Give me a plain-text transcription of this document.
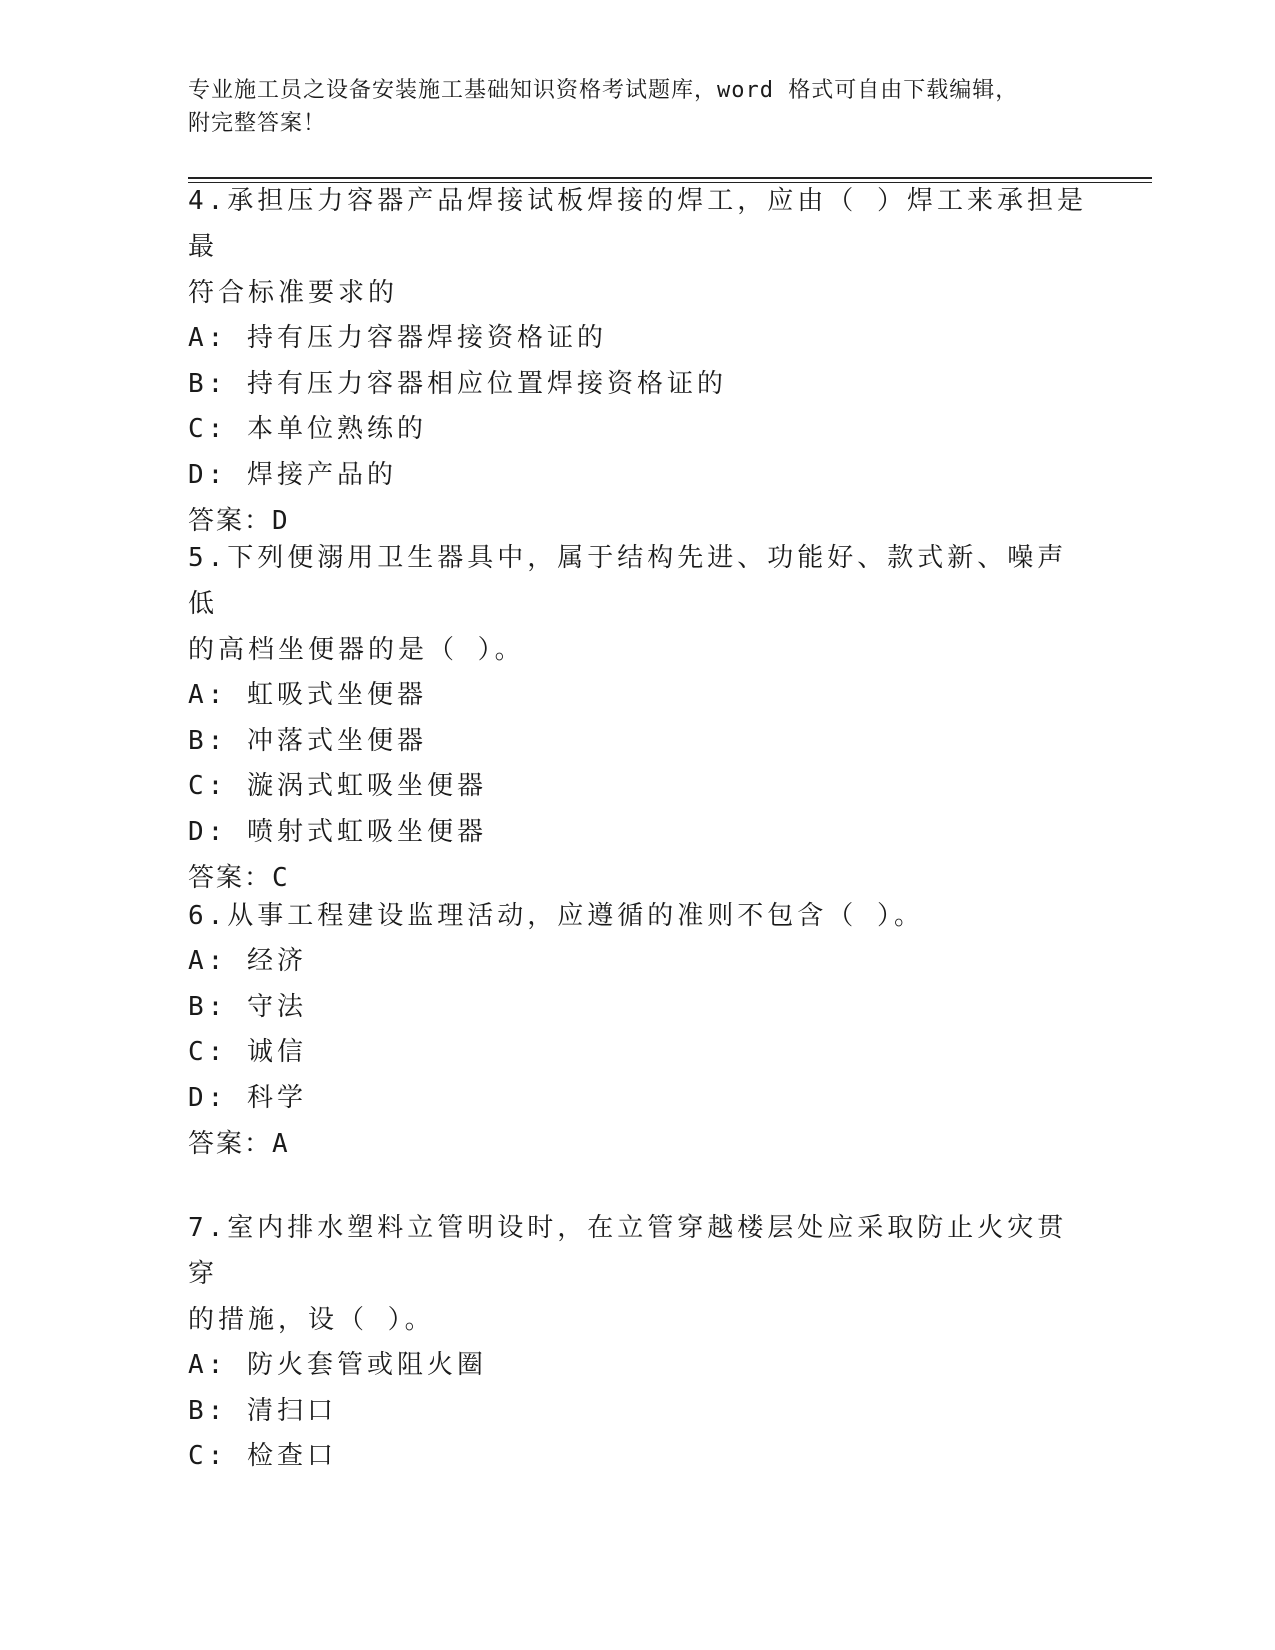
专业施工员之设备安装施工基础知识资格考试题库，word 格式可自由下载编辑，
附完整答案！

4.承担压力容器产品焊接试板焊接的焊工，应由（ ）焊工来承担是最

符合标准要求的

A: 持有压力容器焊接资格证的

B: 持有压力容器相应位置焊接资格证的

C: 本单位熟练的

D: 焊接产品的

答案：D

5.下列便溺用卫生器具中，属于结构先进、功能好、款式新、噪声低

的高档坐便器的是（ ）。

A: 虹吸式坐便器

B: 冲落式坐便器

C: 漩涡式虹吸坐便器

D: 喷射式虹吸坐便器

答案：C

6.从事工程建设监理活动，应遵循的准则不包含（ ）。

A: 经济

B: 守法

C: 诚信

D: 科学

答案：A

7.室内排水塑料立管明设时，在立管穿越楼层处应采取防止火灾贯穿

的措施，设（ ）。

A: 防火套管或阻火圈

B: 清扫口

C: 检查口
